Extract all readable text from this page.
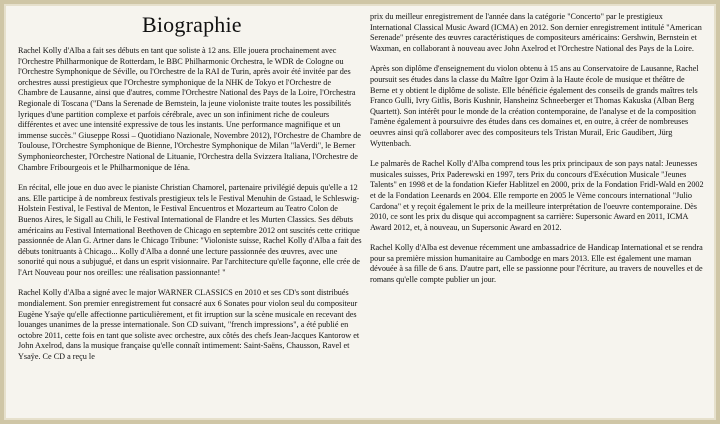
Biographie

Rachel Kolly d'Alba a fait ses débuts en tant que soliste à 12 ans. Elle jouera prochainement avec l'Orchestre Philharmonique de Rotterdam, le BBC Philharmonic Orchestra, le WDR de Cologne ou l'Orchestre Symphonique de Séville, ou l'Orchestre de la RAI de Turin, après avoir été invitée par des orchestres aussi prestigieux que l'Orchestre symphonique de la NHK de Tokyo et l'Orchestre de Chambre de Lausanne, ainsi que d'autres, comme l'Orchestre National des Pays de la Loire, l'Orchestra Regionale di Toscana ("Dans la Serenade de Bernstein, la jeune violoniste traite toutes les possibilités lyriques d'une partition complexe et parfois cérébrale, avec un son infiniment riche de couleurs différentes et avec une intensité expressive de tous les instants. Une performance magnifique et un immense succès." Giuseppe Rossi – Quotidiano Nazionale, Novembre 2012), l'Orchestre de Chambre de Toulouse, l'Orchestre Symphonique de Bienne, l'Orchestre Symphonique de Milan "laVerdi", le Berner Symphonieorchester, l'Orchestre National de Lituanie, l'Orchestra della Svizzera Italiana, l'Orchestre de Chambre Fribourgeois et le Philharmonique de Iéna.

En récital, elle joue en duo avec le pianiste Christian Chamorel, partenaire privilégié depuis qu'elle a 12 ans. Elle participe à de nombreux festivals prestigieux tels le Festival Menuhin de Gstaad, le Schleswig-Holstein Festival, le Festival de Menton, le Festival Encuentros et Mozarteum au Teatro Colon de Buenos Aires, le Sigall au Chili, le Festival International de Flandre et les Murten Classics. Ses débuts américains au Festival International Beethoven de Chicago en septembre 2012 ont suscités cette critique passionnée de Alan G. Artner dans le Chicago Tribune: "Violoniste suisse, Rachel Kolly d'Alba a fait des débuts tonitruants à Chicago... Kolly d'Alba a donné une lecture passionnée des œuvres, avec une sonorité qui nous a subjugué, et dans un esprit visionnaire. Par l'architecture qu'elle façonne, elle crée de l'Art Nouveau pour nos oreilles: une réalisation passionnante! "

Rachel Kolly d'Alba a signé avec le major WARNER CLASSICS en 2010 et ses CD's sont distribués mondialement. Son premier enregistrement fut consacré aux 6 Sonates pour violon seul du compositeur Eugène Ysaÿe qu'elle affectionne particulièrement, et fit irruption sur la scène musicale en recevant des louanges unanimes de la presse internationale. Son CD suivant, "french impressions", a été publié en octobre 2011, cette fois en tant que soliste avec orchestre, aux côtés des chefs Jean-Jacques Kantorow et John Axelrod, dans la musique française qu'elle connaît intimement: Saint-Saëns, Chausson, Ravel et Ysaÿe. Ce CD a reçu le

prix du meilleur enregistrement de l'année dans la catégorie "Concerto" par le prestigieux International Classical Music Award (ICMA) en 2012. Son dernier enregistrement intitulé "American Serenade" présente des œuvres caractéristiques de compositeurs américains: Gershwin, Bernstein et Waxman, en collaborant à nouveau avec John Axelrod et l'Orchestre National des Pays de la Loire.

Après son diplôme d'enseignement du violon obtenu à 15 ans au Conservatoire de Lausanne, Rachel poursuit ses études dans la classe du Maître Igor Ozim à la Haute école de musique et théâtre de Berne et y obtient le diplôme de soliste. Elle bénéficie également des conseils de grands maîtres tels Franco Gulli, Ivry Gitlis, Boris Kushnir, Hansheinz Schneeberger et Thomas Kakuska (Alban Berg Quartett). Son intérêt pour le monde de la création contemporaine, de l'analyse et de la composition l'amène également à poursuivre des études dans ces domaines et, en outre, à créer de nombreuses oeuvres ainsi qu'à collaborer avec des compositeurs tels Tristan Murail, Eric Gaudibert, Jürg Wyttenbach.

Le palmarès de Rachel Kolly d'Alba comprend tous les prix principaux de son pays natal: Jeunesses musicales suisses, Prix Paderewski en 1997, ters Prix du concours d'Exécution Musicale "Jeunes Talents" en 1998 et de la fondation Kiefer Hablitzel en 2000, prix de la Fondation Fridl-Wald en 2002 et de la Fondation Leenards en 2004. Elle remporte en 2005 le Vème concours international "Julio Cardona" et y reçoit également le prix de la meilleure interprétation de l'oeuvre contemporaine. Dès 2010, ce sont les prix du disque qui accompagnent sa carrière: Supersonic Award en 2011, ICMA Award 2012, et, à nouveau, un Supersonic Award en 2012.

Rachel Kolly d'Alba est devenue récemment une ambassadrice de Handicap International et se rendra pour sa première mission humanitaire au Cambodge en mars 2013. Elle est également une maman dévouée à sa fille de 6 ans. D'autre part, elle se passionne pour l'écriture, au travers de nouvelles et de romans qu'elle compte publier un jour.
